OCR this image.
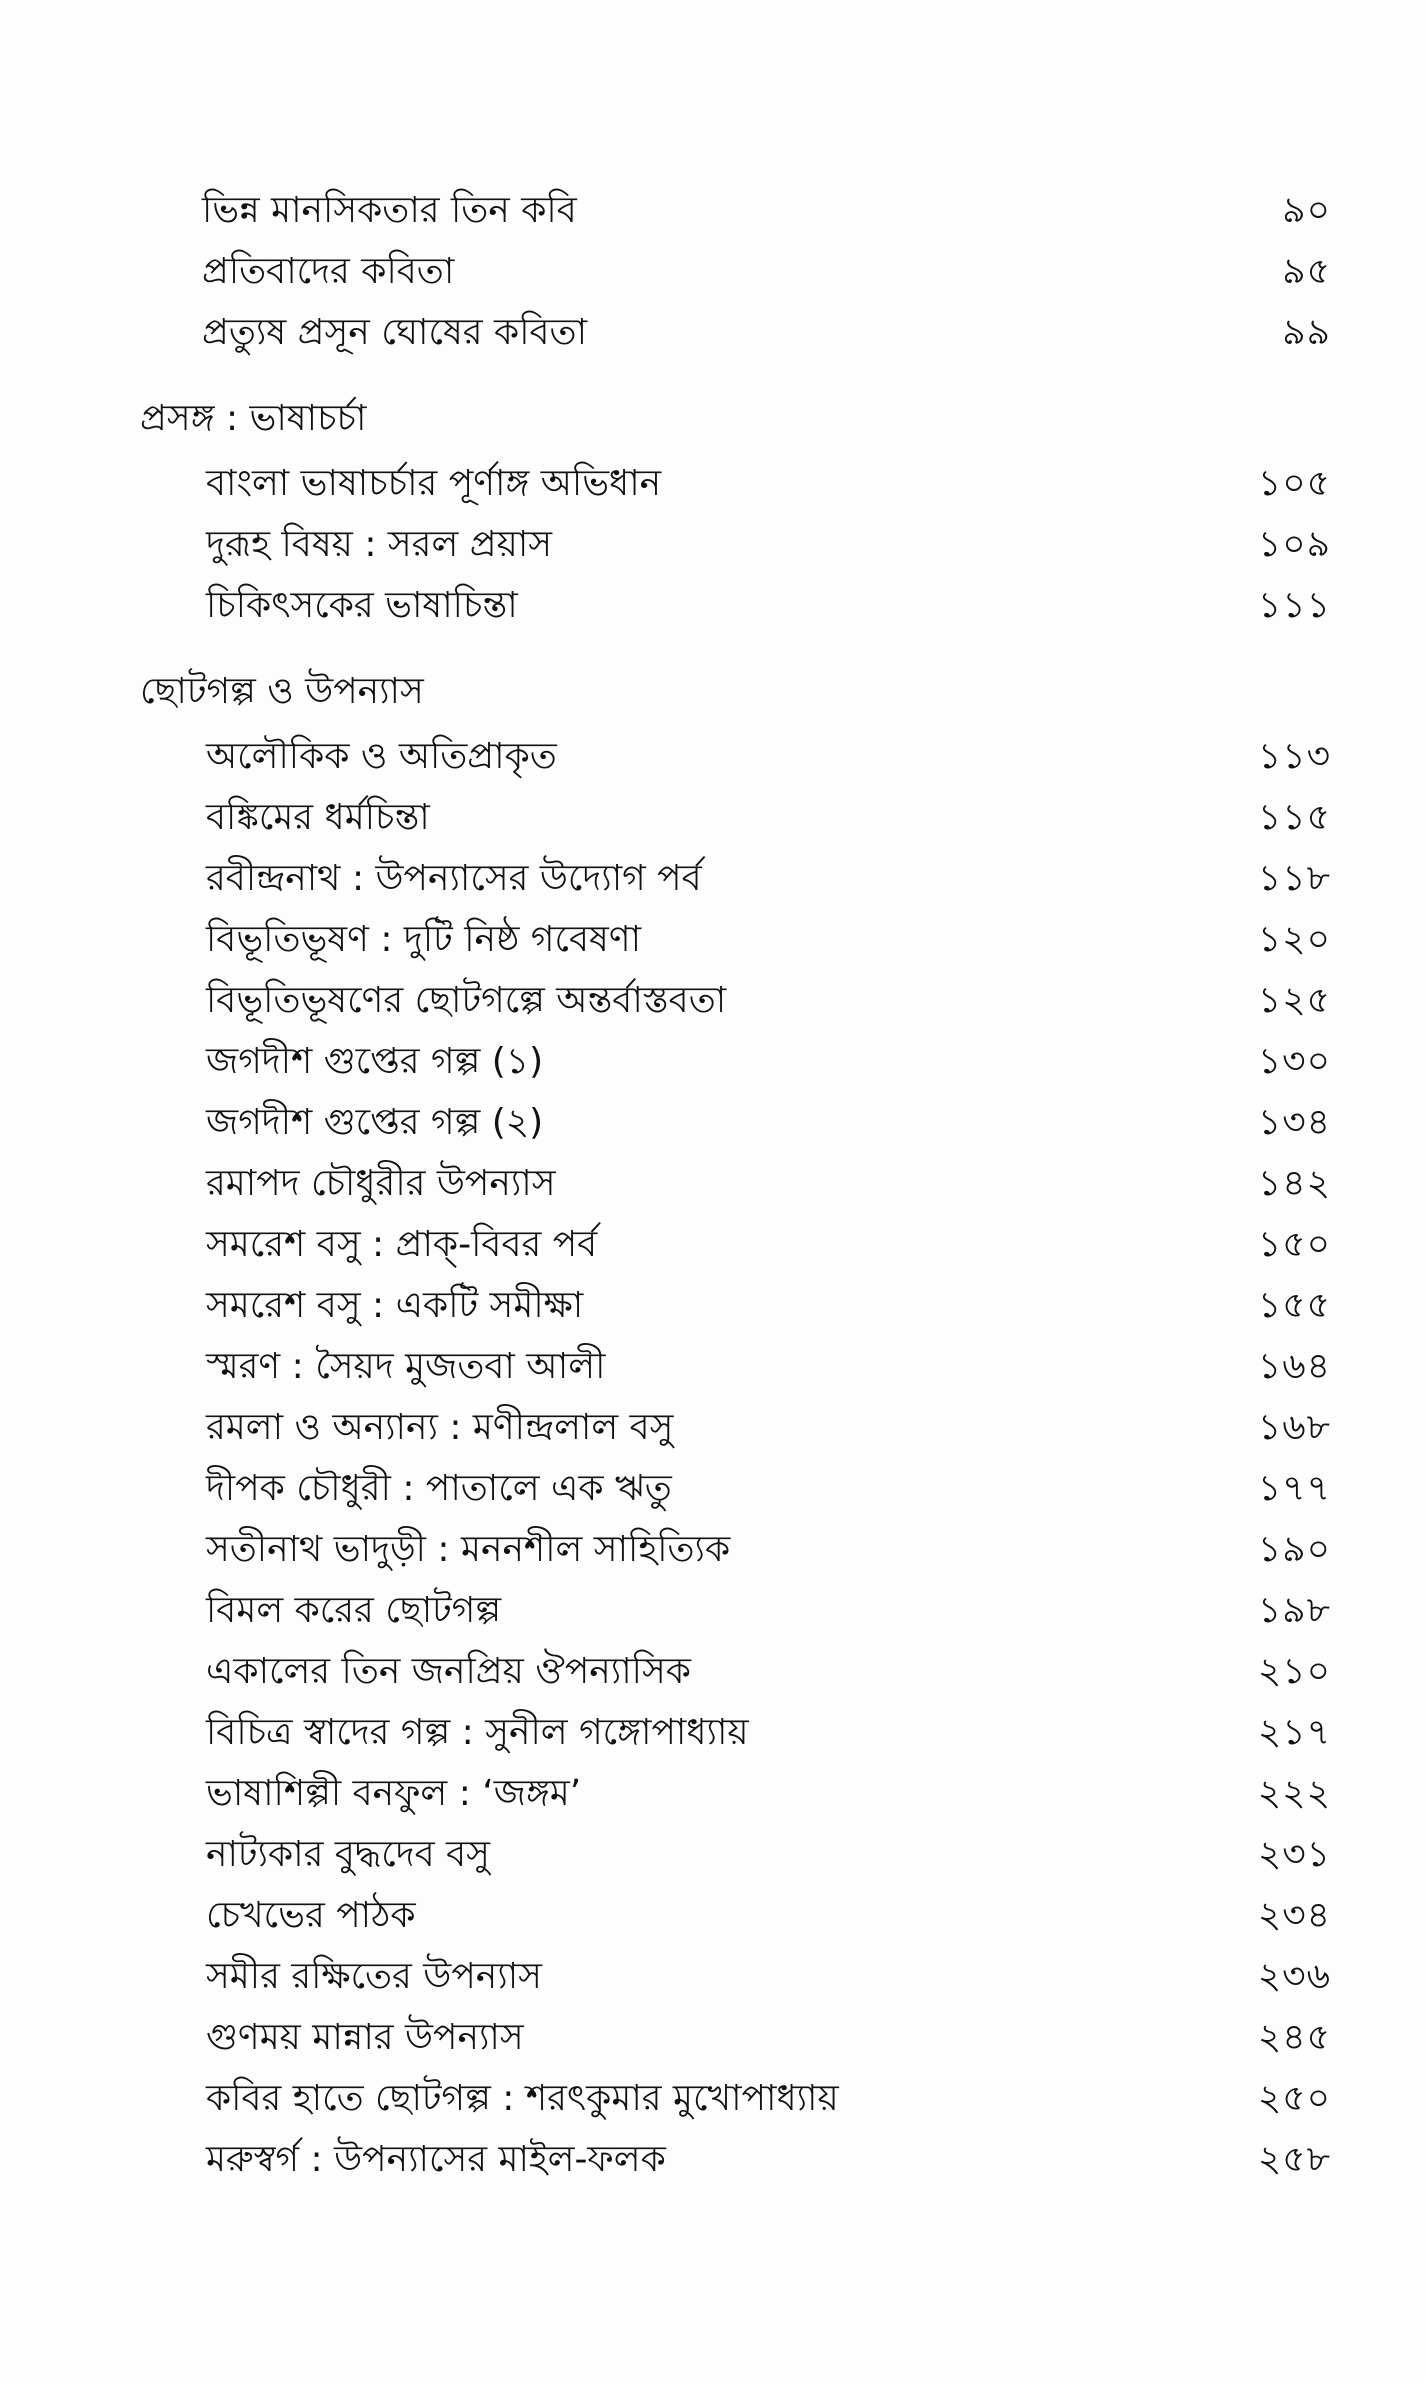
ভিন্ন মানসিকতার তিন কবি	৯০
প্রতিবাদের কবিতা	৯৫
প্রত্যুষ প্রসূন ঘোষের কবিতা	৯৯
প্রসঙ্গ : ভাষাচর্চা
বাংলা ভাষাচর্চার পূর্ণাঙ্গ অভিধান	১০৫
দুরূহ বিষয় : সরল প্রয়াস	১০৯
চিকিৎসকের ভাষাচিন্তা	১১১
ছোটগল্প ও উপন্যাস
অলৌকিক ও অতিপ্রাকৃত	১১৩
বঙ্কিমের ধর্মচিন্তা	১১৫
রবীন্দ্রনাথ : উপন্যাসের উদ্যোগ পর্ব	১১৮
বিভূতিভূষণ : দুটি নিষ্ঠ গবেষণা	১২০
বিভূতিভূষণের ছোটগল্পে অন্তর্বাস্তবতা	১২৫
জগদীশ গুপ্তের গল্প (১)	১৩০
জগদীশ গুপ্তের গল্প (২)	১৩৪
রমাপদ চৌধুরীর উপন্যাস	১৪২
সমরেশ বসু : প্রাক্-বিবর পর্ব	১৫০
সমরেশ বসু : একটি সমীক্ষা	১৫৫
স্মরণ : সৈয়দ মুজতবা আলী	১৬৪
রমলা ও অন্যান্য : মণীন্দ্রলাল বসু	১৬৮
দীপক চৌধুরী : পাতালে এক ঋতু	১৭৭
সতীনাথ ভাদুড়ী : মননশীল সাহিত্যিক	১৯০
বিমল করের ছোটগল্প	১৯৮
একালের তিন জনপ্রিয় ঔপন্যাসিক	২১০
বিচিত্র স্বাদের গল্প : সুনীল গঙ্গোপাধ্যায়	২১৭
ভাষাশিল্পী বনফুল : ‘জঙ্গম’	২২২
নাট্যকার বুদ্ধদেব বসু	২৩১
চেখভের পাঠক	২৩৪
সমীর রক্ষিতের উপন্যাস	২৩৬
গুণময় মান্নার উপন্যাস	২৪৫
কবির হাতে ছোটগল্প : শরৎকুমার মুখোপাধ্যায়	২৫০
মরুস্বর্গ : উপন্যাসের মাইল-ফলক	২৫৮
